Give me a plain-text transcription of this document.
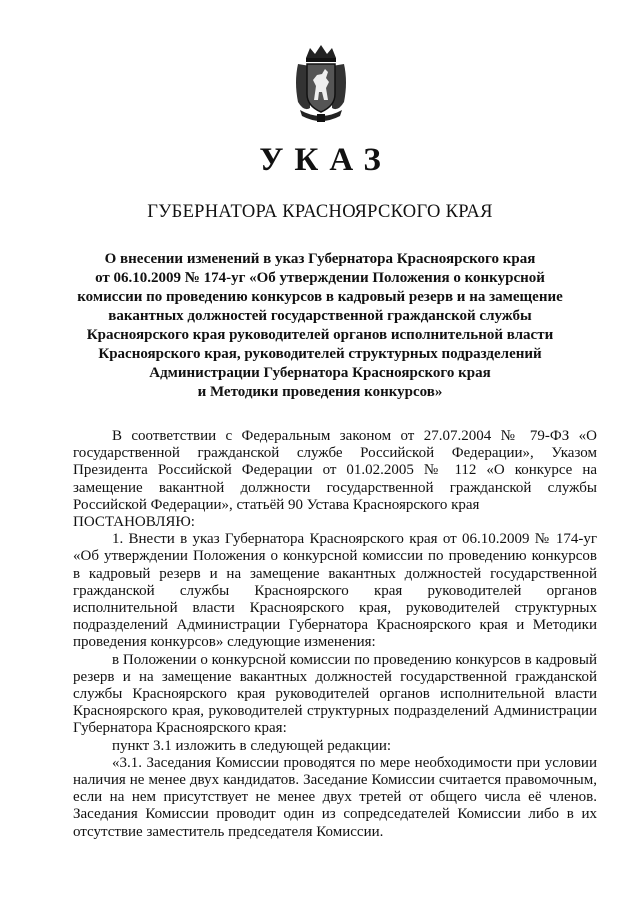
УКАЗ
ГУБЕРНАТОРА КРАСНОЯРСКОГО КРАЯ
О внесении изменений в указ Губернатора Красноярского края
от 06.10.2009 № 174-уг «Об утверждении Положения о конкурсной
комиссии по проведению конкурсов в кадровый резерв и на замещение
вакантных должностей государственной гражданской службы
Красноярского края руководителей органов исполнительной власти
Красноярского края, руководителей структурных подразделений
Администрации Губернатора Красноярского края
и Методики проведения конкурсов»

В соответствии с Федеральным законом от 27.07.2004 № 79-ФЗ «О государственной гражданской службе Российской Федерации», Указом Президента Российской Федерации от 01.02.2005 № 112 «О конкурсе на замещение вакантной должности государственной гражданской службы Российской Федерации», статьёй 90 Устава Красноярского края

ПОСТАНОВЛЯЮ:

1. Внести в указ Губернатора Красноярского края от 06.10.2009 № 174-уг «Об утверждении Положения о конкурсной комиссии по проведению конкурсов в кадровый резерв и на замещение вакантных должностей государственной гражданской службы Красноярского края руководителей органов исполнительной власти Красноярского края, руководителей структурных подразделений Администрации Губернатора Красноярского края и Методики проведения конкурсов» следующие изменения:

в Положении о конкурсной комиссии по проведению конкурсов в кадровый резерв и на замещение вакантных должностей государственной гражданской службы Красноярского края руководителей органов исполнительной власти Красноярского края, руководителей структурных подразделений Администрации Губернатора Красноярского края:

пункт 3.1 изложить в следующей редакции:

«3.1. Заседания Комиссии проводятся по мере необходимости при условии наличия не менее двух кандидатов. Заседание Комиссии считается правомочным, если на нем присутствует не менее двух третей от общего числа её членов. Заседания Комиссии проводит один из сопредседателей Комиссии либо в их отсутствие заместитель председателя Комиссии.
